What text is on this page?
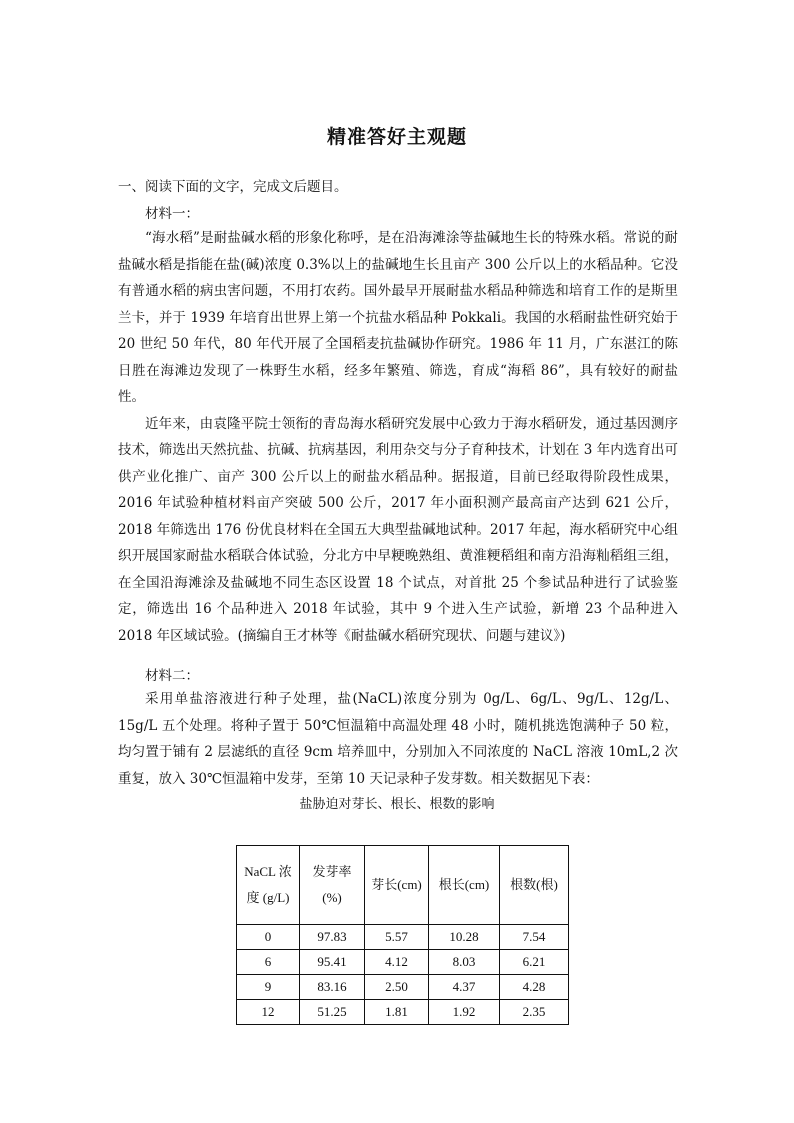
精准答好主观题
一、阅读下面的文字，完成文后题目。
材料一：

“海水稻”是耐盐碱水稻的形象化称呼，是在沿海滩涂等盐碱地生长的特殊水稻。常说的耐盐碱水稻是指能在盐(碱)浓度 0.3%以上的盐碱地生长且亩产 300 公斤以上的水稻品种。它没有普通水稻的病虫害问题，不用打农药。国外最早开展耐盐水稻品种筛选和培育工作的是斯里兰卡，并于 1939 年培育出世界上第一个抗盐水稻品种 Pokkali。我国的水稻耐盐性研究始于 20 世纪 50 年代，80 年代开展了全国稻麦抗盐碱协作研究。1986 年 11 月，广东湛江的陈日胜在海滩边发现了一株野生水稻，经多年繁殖、筛选，育成“海稻 86”，具有较好的耐盐性。

近年来，由袁隆平院士领衔的青岛海水稻研究发展中心致力于海水稻研发，通过基因测序技术，筛选出天然抗盐、抗碱、抗病基因，利用杂交与分子育种技术，计划在 3 年内选育出可供产业化推广、亩产 300 公斤以上的耐盐水稻品种。据报道，目前已经取得阶段性成果，2016 年试验种植材料亩产突破 500 公斤，2017 年小面积测产最高亩产达到 621 公斤，2018 年筛选出 176 份优良材料在全国五大典型盐碱地试种。2017 年起，海水稻研究中心组织开展国家耐盐水稻联合体试验，分北方中早粳晚熟组、黄淮粳稻组和南方沿海籼稻组三组，在全国沿海滩涂及盐碱地不同生态区设置 18 个试点，对首批 25 个参试品种进行了试验鉴定，筛选出 16 个品种进入 2018 年试验，其中 9 个进入生产试验，新增 23 个品种进入 2018 年区域试验。(摘编自王才林等《耐盐碱水稻研究现状、问题与建议》)

材料二：

采用单盐溶液进行种子处理，盐(NaCL)浓度分别为 0g/L、6g/L、9g/L、12g/L、15g/L 五个处理。将种子置于 50℃恒温箱中高温处理 48 小时，随机挑选饱满种子 50 粒，均匀置于铺有 2 层滤纸的直径 9cm 培养皿中，分别加入不同浓度的 NaCL 溶液 10mL,2 次重复，放入 30℃恒温箱中发芽，至第 10 天记录种子发芽数。相关数据见下表：

盐胁迫对芽长、根长、根数的影响
NaCL 浓度 (g/L)	发芽率 (%)	芽长(cm)	根长(cm)	根数(根)
0	97.83	5.57	10.28	7.54
6	95.41	4.12	8.03	6.21
9	83.16	2.50	4.37	4.28
12	51.25	1.81	1.92	2.35
